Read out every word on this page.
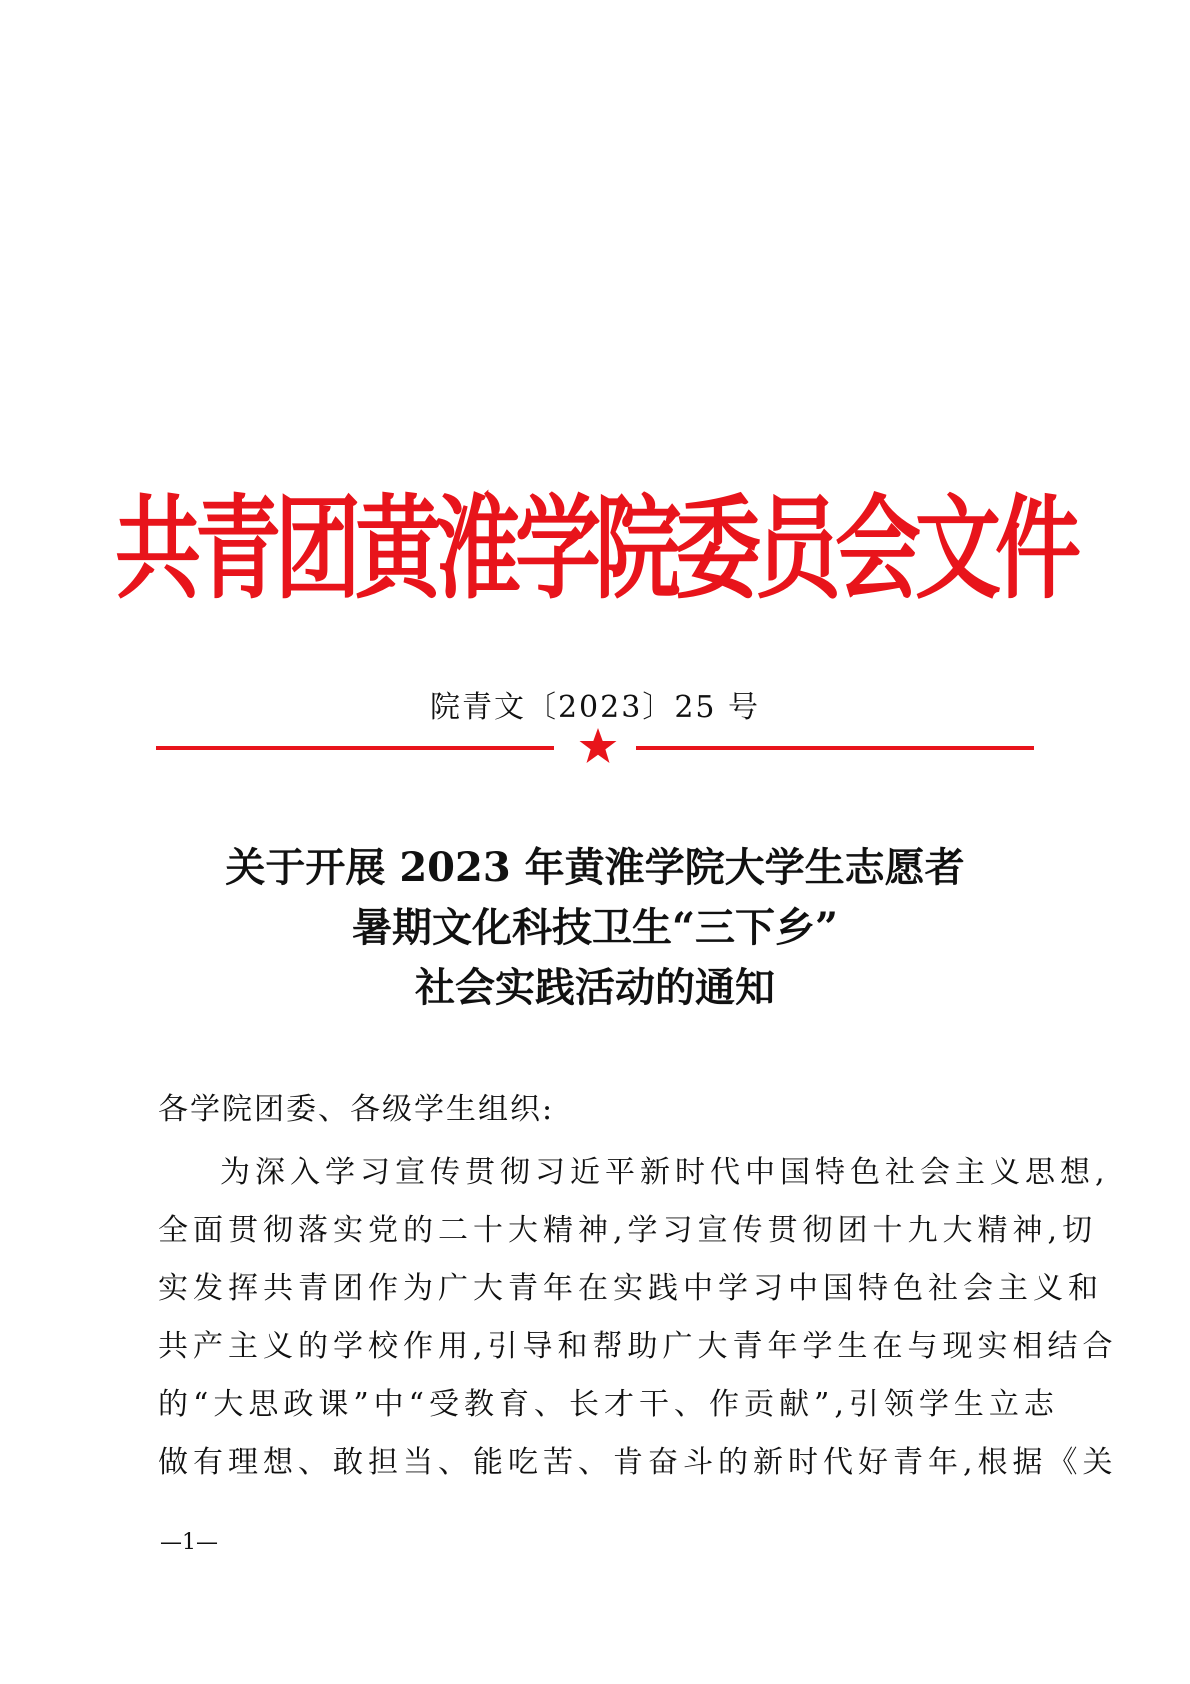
共青团黄淮学院委员会文件
院青文〔2023〕25 号
关于开展 2023 年黄淮学院大学生志愿者
暑期文化科技卫生“三下乡”
社会实践活动的通知
各学院团委、各级学生组织:
为深入学习宣传贯彻习近平新时代中国特色社会主义思想,
全面贯彻落实党的二十大精神,学习宣传贯彻团十九大精神,切
实发挥共青团作为广大青年在实践中学习中国特色社会主义和
共产主义的学校作用,引导和帮助广大青年学生在与现实相结合
的“大思政课”中“受教育、长才干、作贡献”,引领学生立志
做有理想、敢担当、能吃苦、肯奋斗的新时代好青年,根据《关
—1—
